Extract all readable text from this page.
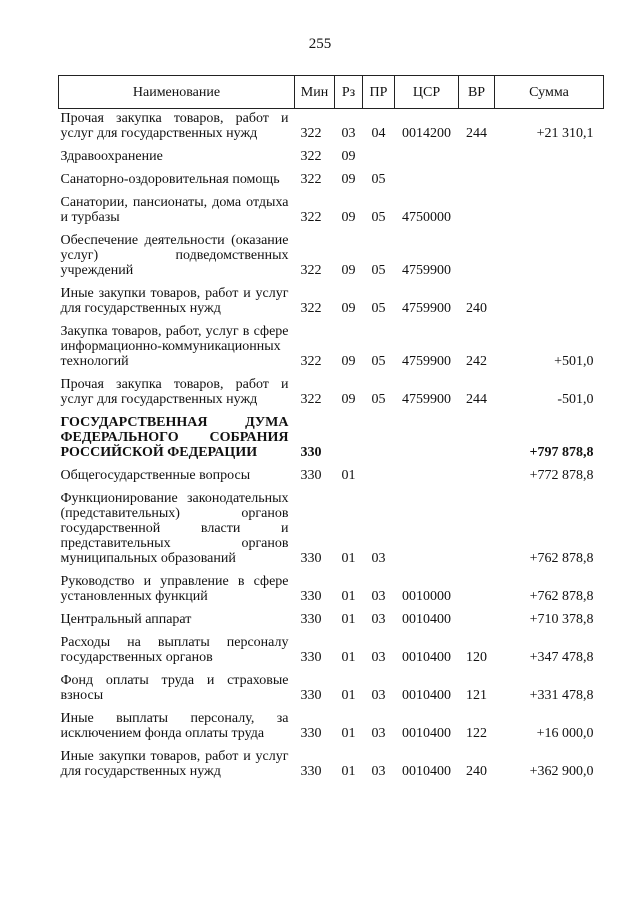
255
Наименование	Мин	Рз	ПР	ЦСР	ВР	Сумма
Прочая закупка товаров, работ и услуг для государственных нужд	322	03	04	0014200	244	+21 310,1
Здравоохранение	322	09				
Санаторно-оздоровительная помощь	322	09	05			
Санатории, пансионаты, дома отдыха и турбазы	322	09	05	4750000		
Обеспечение деятельности (оказание услуг) подведомственных учреждений	322	09	05	4759900		
Иные закупки товаров, работ и услуг для государственных нужд	322	09	05	4759900	240	
Закупка товаров, работ, услуг в сфере информационно-коммуникационных технологий	322	09	05	4759900	242	+501,0
Прочая закупка товаров, работ и услуг для государственных нужд	322	09	05	4759900	244	-501,0
ГОСУДАРСТВЕННАЯ ДУМА ФЕДЕРАЛЬНОГО СОБРАНИЯ РОССИЙСКОЙ ФЕДЕРАЦИИ	330					+797 878,8
Общегосударственные вопросы	330	01				+772 878,8
Функционирование законодательных (представительных) органов государственной власти и представительных органов муниципальных образований	330	01	03			+762 878,8
Руководство и управление в сфере установленных функций	330	01	03	0010000		+762 878,8
Центральный аппарат	330	01	03	0010400		+710 378,8
Расходы на выплаты персоналу государственных органов	330	01	03	0010400	120	+347 478,8
Фонд оплаты труда и страховые взносы	330	01	03	0010400	121	+331 478,8
Иные выплаты персоналу, за исключением фонда оплаты труда	330	01	03	0010400	122	+16 000,0
Иные закупки товаров, работ и услуг для государственных нужд	330	01	03	0010400	240	+362 900,0
